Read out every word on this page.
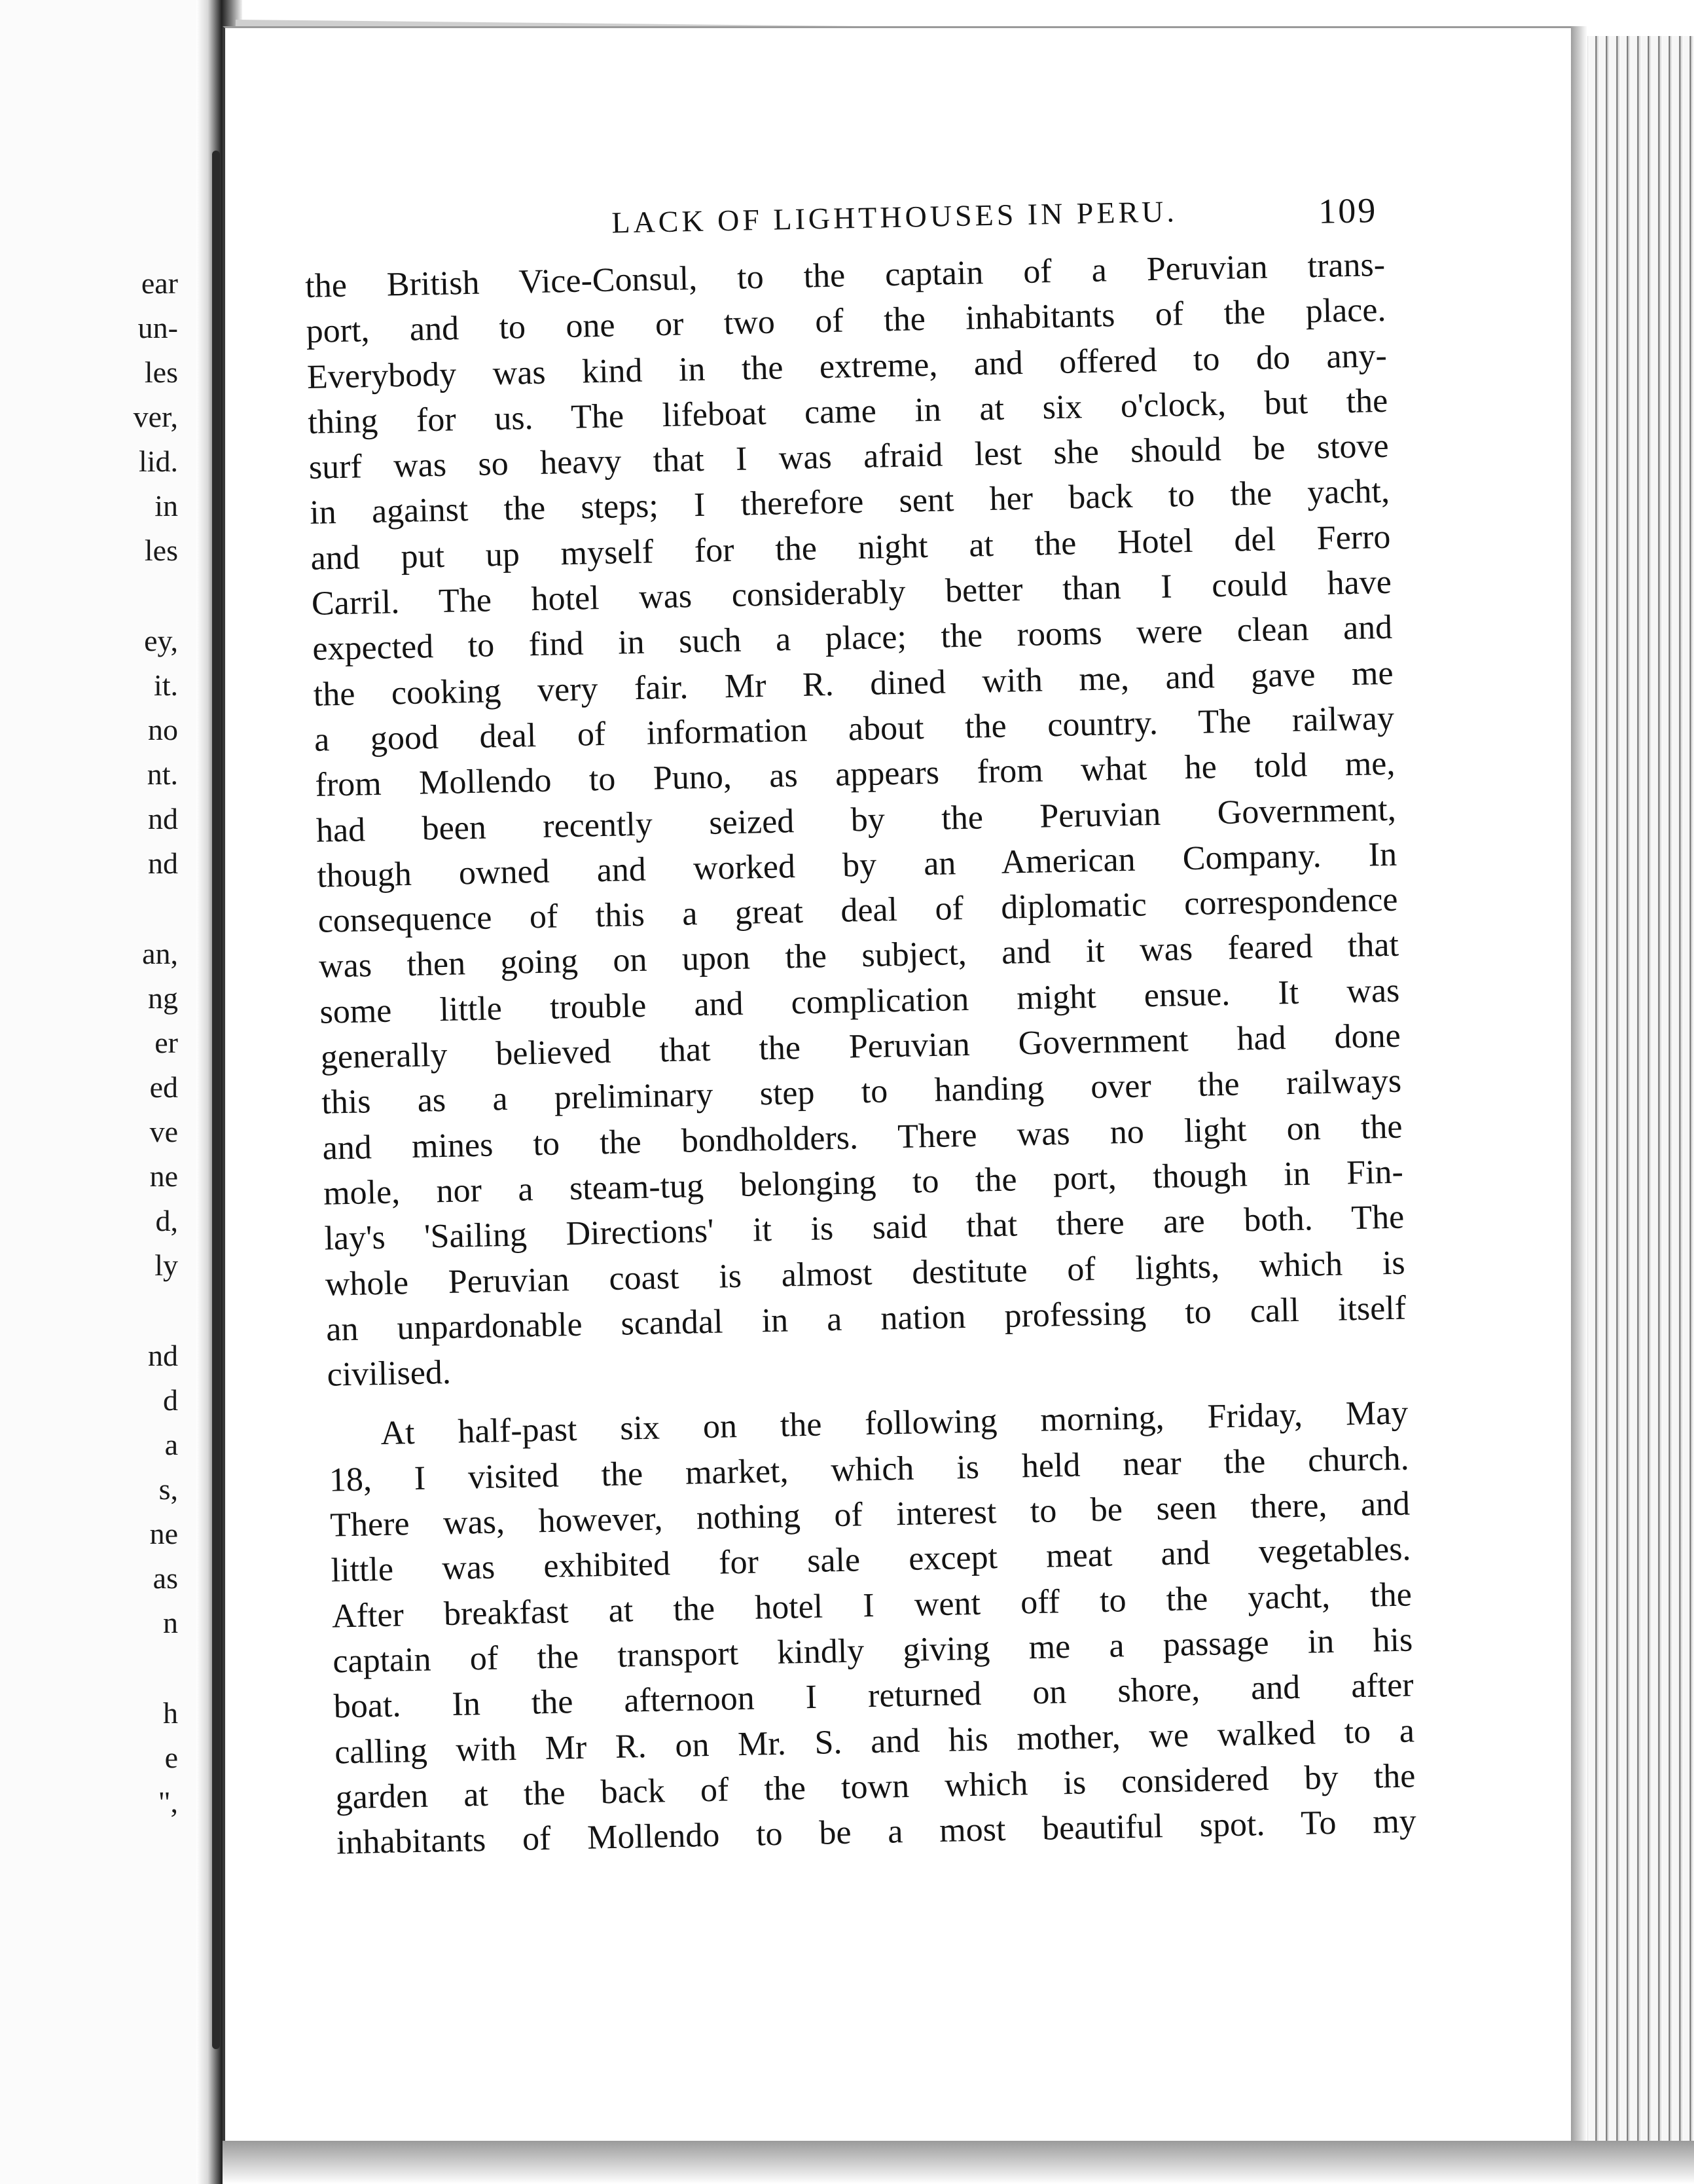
ear
un-
les
ver,
lid.
in
les
ey,
it.
no
nt.
nd
nd
an,
ng
er
ed
ve
ne
d,
ly
nd
d
a
s,
ne
as
n
h
e
",
LACK OF LIGHTHOUSES IN PERU.	109
the British Vice-Consul, to the captain of a Peruvian trans-
port, and to one or two of the inhabitants of the place.
Everybody was kind in the extreme, and offered to do any-
thing for us. The lifeboat came in at six o'clock, but the
surf was so heavy that I was afraid lest she should be stove
in against the steps; I therefore sent her back to the yacht,
and put up myself for the night at the Hotel del Ferro
Carril. The hotel was considerably better than I could have
expected to find in such a place; the rooms were clean and
the cooking very fair. Mr R. dined with me, and gave me
a good deal of information about the country. The railway
from Mollendo to Puno, as appears from what he told me,
had been recently seized by the Peruvian Government,
though owned and worked by an American Company. In
consequence of this a great deal of diplomatic correspondence
was then going on upon the subject, and it was feared that
some little trouble and complication might ensue. It was
generally believed that the Peruvian Government had done
this as a preliminary step to handing over the railways
and mines to the bondholders. There was no light on the
mole, nor a steam-tug belonging to the port, though in Fin-
lay's 'Sailing Directions' it is said that there are both. The
whole Peruvian coast is almost destitute of lights, which is
an unpardonable scandal in a nation professing to call itself
civilised.
At half-past six on the following morning, Friday, May
18, I visited the market, which is held near the church.
There was, however, nothing of interest to be seen there, and
little was exhibited for sale except meat and vegetables.
After breakfast at the hotel I went off to the yacht, the
captain of the transport kindly giving me a passage in his
boat. In the afternoon I returned on shore, and after
calling with Mr R. on Mr. S. and his mother, we walked to a
garden at the back of the town which is considered by the
inhabitants of Mollendo to be a most beautiful spot. To my
